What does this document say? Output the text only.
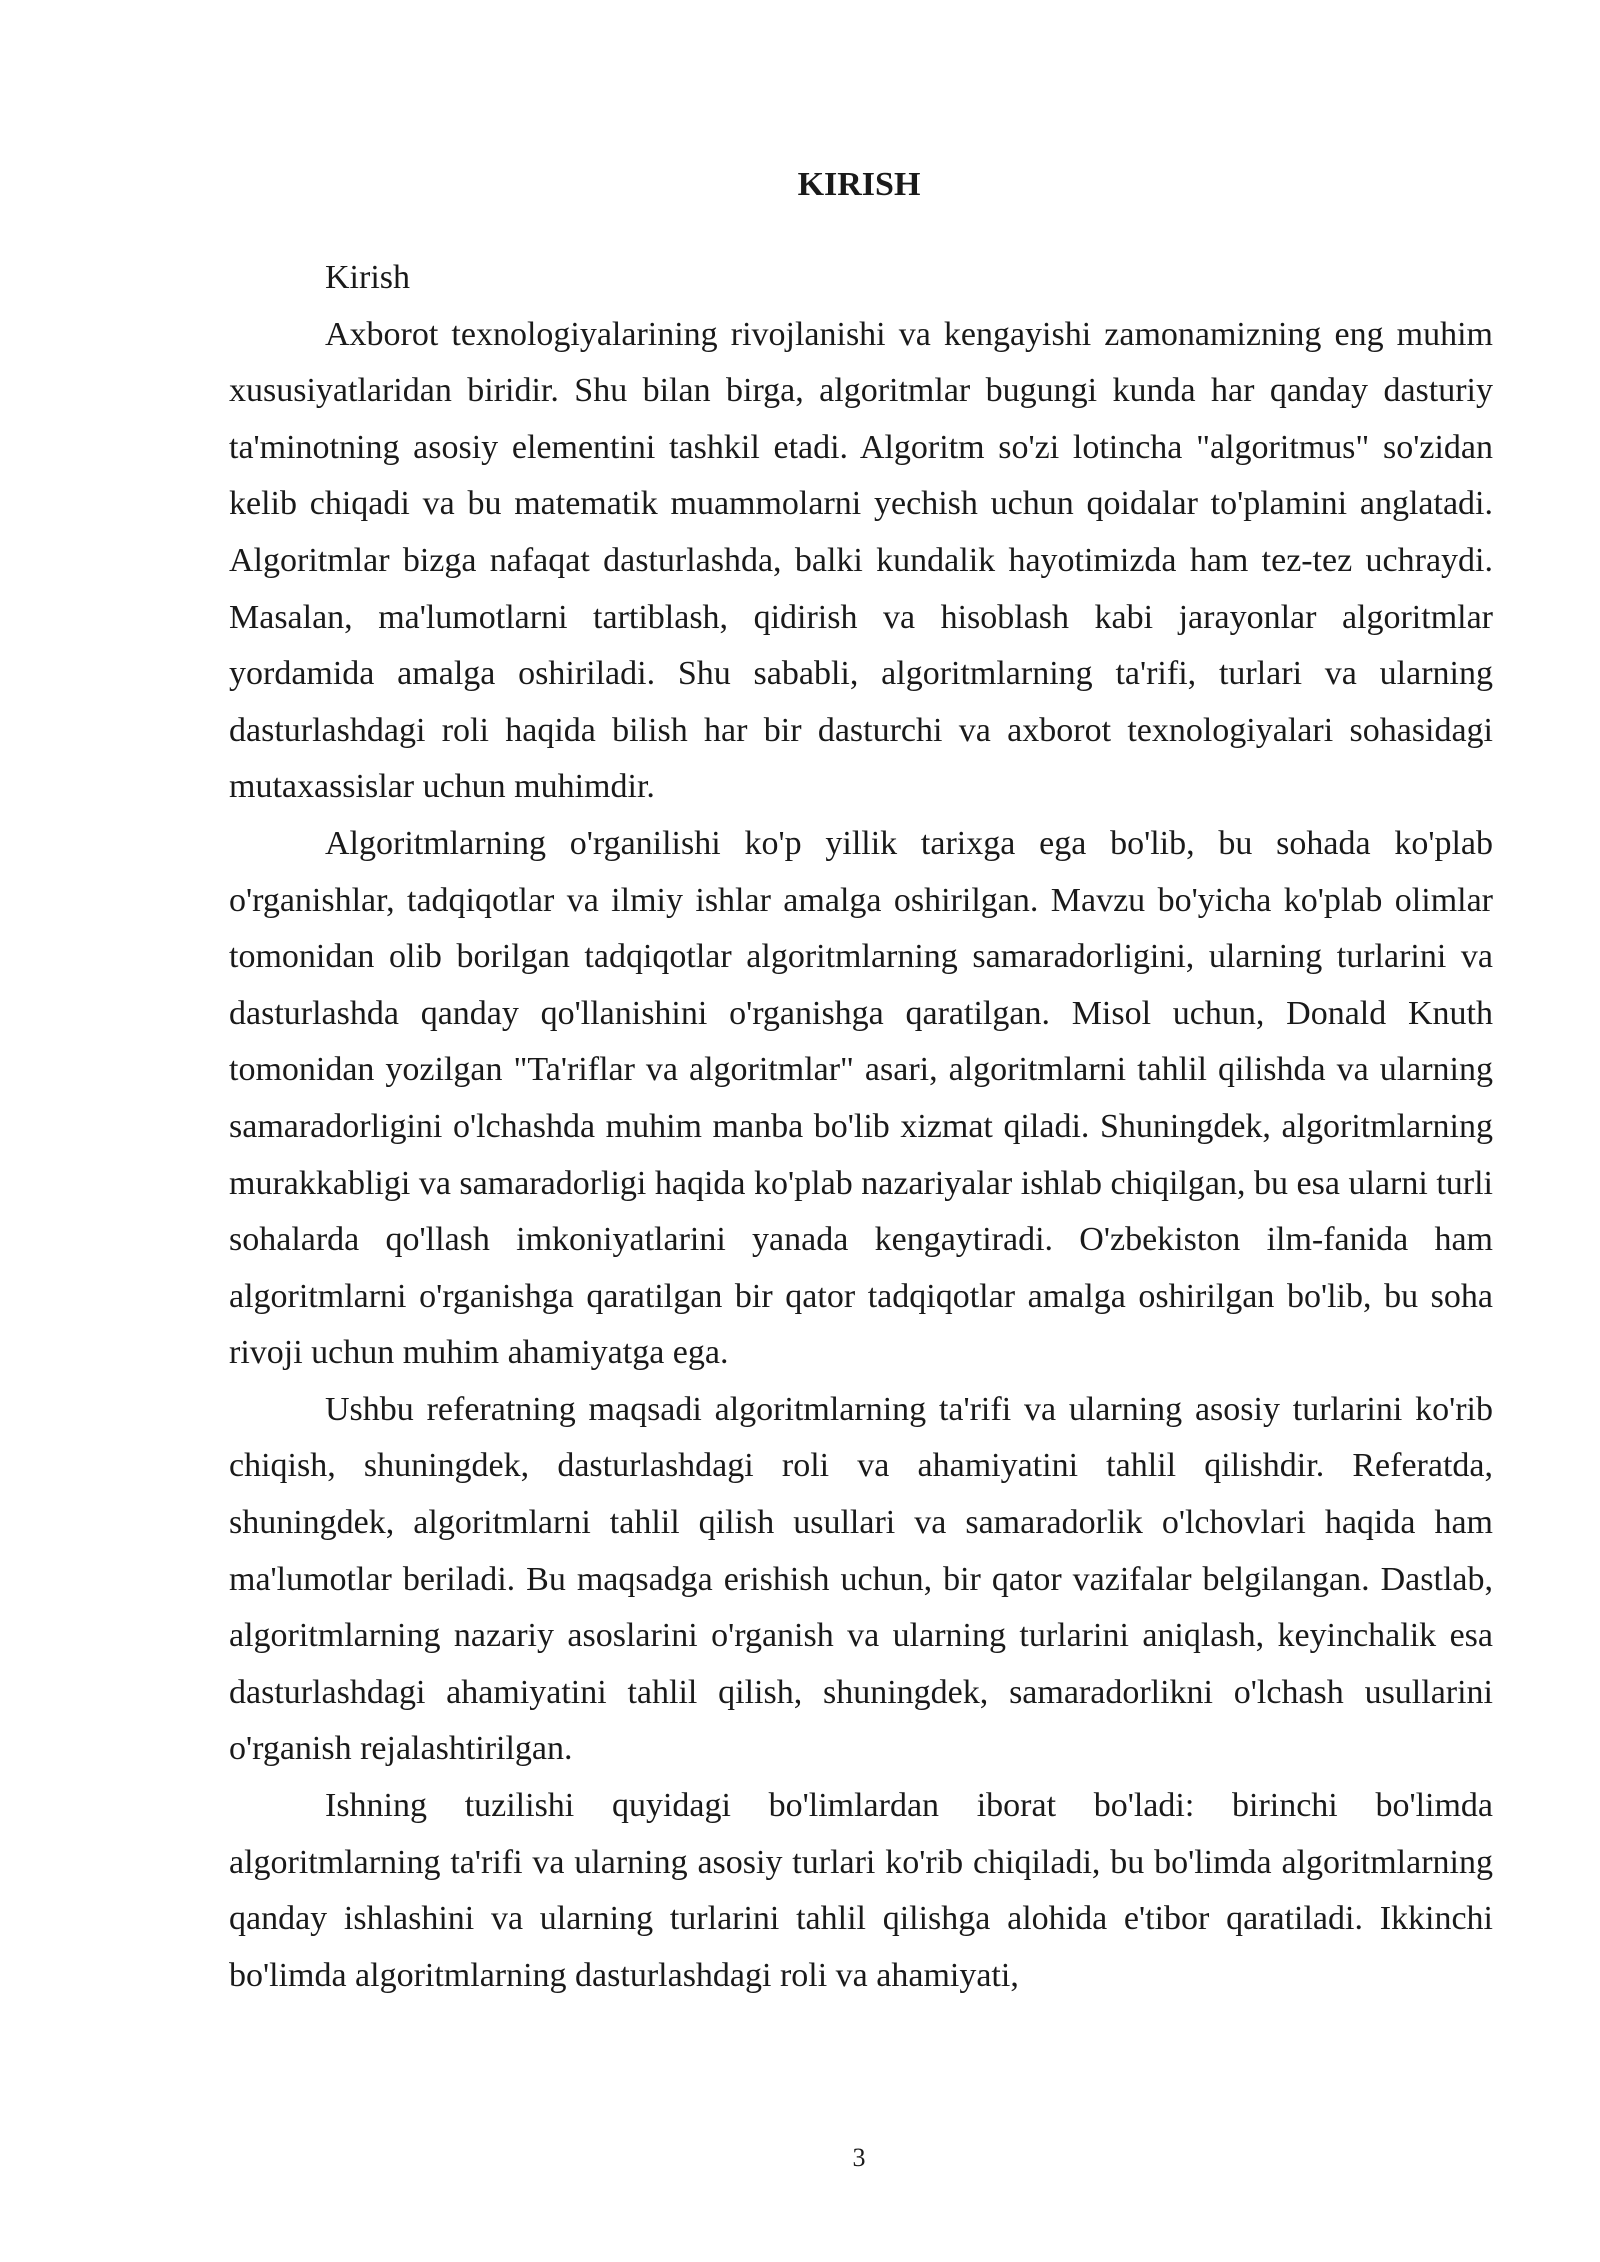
KIRISH

Kirish

Axborot texnologiyalarining rivojlanishi va kengayishi zamonamizning eng muhim xususiyatlaridan biridir. Shu bilan birga, algoritmlar bugungi kunda har qanday dasturiy ta'minotning asosiy elementini tashkil etadi. Algoritm so'zi lotincha "algoritmus" so'zidan kelib chiqadi va bu matematik muammolarni yechish uchun qoidalar to'plamini anglatadi. Algoritmlar bizga nafaqat dasturlashda, balki kundalik hayotimizda ham tez-tez uchraydi. Masalan, ma'lumotlarni tartiblash, qidirish va hisoblash kabi jarayonlar algoritmlar yordamida amalga oshiriladi. Shu sababli, algoritmlarning ta'rifi, turlari va ularning dasturlashdagi roli haqida bilish har bir dasturchi va axborot texnologiyalari sohasidagi mutaxassislar uchun muhimdir.

Algoritmlarning o'rganilishi ko'p yillik tarixga ega bo'lib, bu sohada ko'plab o'rganishlar, tadqiqotlar va ilmiy ishlar amalga oshirilgan. Mavzu bo'yicha ko'plab olimlar tomonidan olib borilgan tadqiqotlar algoritmlarning samaradorligini, ularning turlarini va dasturlashda qanday qo'llanishini o'rganishga qaratilgan. Misol uchun, Donald Knuth tomonidan yozilgan "Ta'riflar va algoritmlar" asari, algoritmlarni tahlil qilishda va ularning samaradorligini o'lchashda muhim manba bo'lib xizmat qiladi. Shuningdek, algoritmlarning murakkabligi va samaradorligi haqida ko'plab nazariyalar ishlab chiqilgan, bu esa ularni turli sohalarda qo'llash imkoniyatlarini yanada kengaytiradi. O'zbekiston ilm-fanida ham algoritmlarni o'rganishga qaratilgan bir qator tadqiqotlar amalga oshirilgan bo'lib, bu soha rivoji uchun muhim ahamiyatga ega.

Ushbu referatning maqsadi algoritmlarning ta'rifi va ularning asosiy turlarini ko'rib chiqish, shuningdek, dasturlashdagi roli va ahamiyatini tahlil qilishdir. Referatda, shuningdek, algoritmlarni tahlil qilish usullari va samaradorlik o'lchovlari haqida ham ma'lumotlar beriladi. Bu maqsadga erishish uchun, bir qator vazifalar belgilangan. Dastlab, algoritmlarning nazariy asoslarini o'rganish va ularning turlarini aniqlash, keyinchalik esa dasturlashdagi ahamiyatini tahlil qilish, shuningdek, samaradorlikni o'lchash usullarini o'rganish rejalashtirilgan.

Ishning tuzilishi quyidagi bo'limlardan iborat bo'ladi: birinchi bo'limda algoritmlarning ta'rifi va ularning asosiy turlari ko'rib chiqiladi, bu bo'limda algoritmlarning qanday ishlashini va ularning turlarini tahlil qilishga alohida e'tibor qaratiladi. Ikkinchi bo'limda algoritmlarning dasturlashdagi roli va ahamiyati,

3
